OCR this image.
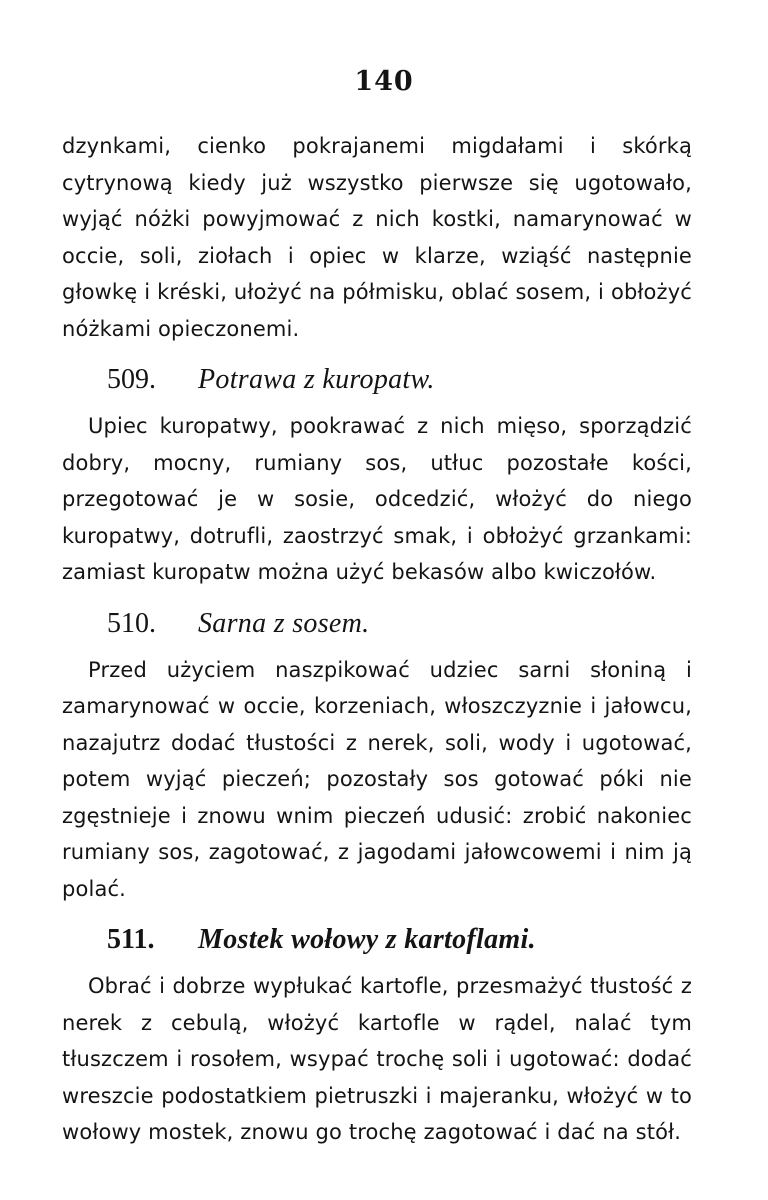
140

dzynkami, cienko pokrajanemi migdałami i skórką cytrynową kiedy już wszystko pierwsze się ugotowało, wyjąć nóżki powyjmować z nich kostki, namarynować w occie, soli, ziołach i opiec w klarze, wziąść następnie głowkę i kréski, ułożyć na półmisku, oblać sosem, i obłożyć nóżkami opieczonemi.

509.	Potrawa z kuropatw.

Upiec kuropatwy, pookrawać z nich mięso, sporządzić dobry, mocny, rumiany sos, utłuc pozostałe kości, przegotować je w sosie, odcedzić, włożyć do niego kuropatwy, dotrufli, zaostrzyć smak, i obłożyć grzankami: zamiast kuropatw można użyć bekasów albo kwiczołów.

510.	Sarna z sosem.

Przed użyciem naszpikować udziec sarni słoniną i zamarynować w occie, korzeniach, włoszczyznie i jałowcu, nazajutrz dodać tłustości z nerek, soli, wody i ugotować, potem wyjąć pieczeń; pozostały sos gotować póki nie zgęstnieje i znowu wnim pieczeń udusić: zrobić nakoniec rumiany sos, zagotować, z jagodami jałowcowemi i nim ją polać.

511.	Mostek wołowy z kartoflami.

Obrać i dobrze wypłukać kartofle, przesmażyć tłustość z nerek z cebulą, włożyć kartofle w rądel, nalać tym tłuszczem i rosołem, wsypać trochę soli i ugotować: dodać wreszcie podostatkiem pietruszki i majeranku, włożyć w to wołowy mostek, znowu go trochę zagotować i dać na stół.
